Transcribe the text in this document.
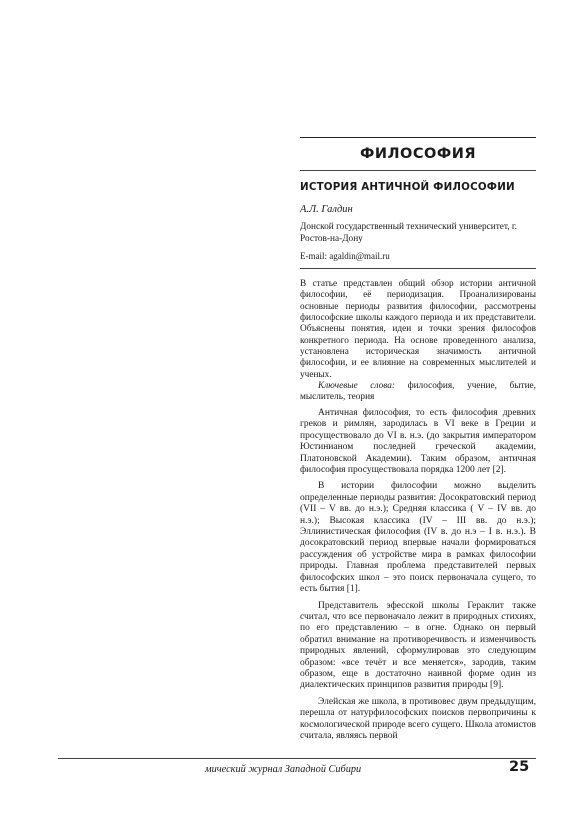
ФИЛОСОФИЯ
ИСТОРИЯ АНТИЧНОЙ ФИЛОСОФИИ
А.Л. Галдин
Донской государственный технический университет, г. Ростов-на-Дону
E-mail: agaldin@mail.ru

В статье представлен общий обзор истории античной философии, её периодизация. Проанализированы основные периоды развития философии, рассмотрены философские школы каждого периода и их представители. Объяснены понятия, идеи и точки зрения философов конкретного периода. На основе проведенного анализа, установлена историческая значимость античной философии, и ее влияние на современных мыслителей и ученых.

Ключевые слова: философия, учение, бытие, мыслитель, теория

Античная философия, то есть философия древних греков и римлян, зародилась в VI веке в Греции и просуществовало до VI в. н.э. (до закрытия императором Юстинианом последней греческой академии, Платоновской Академии). Таким образом, античная философия просуществовала порядка 1200 лет [2].

В истории философии можно выделить определенные периоды развития: Досократовский период (VII – V вв. до н.э.); Средняя классика ( V – IV вв. до н.э.); Высокая классика (IV – III вв. до н.э.); Эллинистическая философия (IV в. до н.э – I в. н.э.). В досократовский период впервые начали формироваться рассуждения об устройстве мира в рамках философии природы. Главная проблема представителей первых философских школ – это поиск первоначала сущего, то есть бытия [1].

Представитель эфесской школы Гераклит также считал, что все первоначало лежит в природных стихиях, по его представлению – в огне. Однако он первый обратил внимание на противоречивость и изменчивость природных явлений, сформулировав это следующим образом: «все течёт и все меняется», зародив, таким образом, еще в достаточно наивной форме один из диалектических принципов развития природы [9].

Элейская же школа, в противовес двум предыдущим, перешла от натурфилософских поисков первопричины к космологической природе всего сущего. Школа атомистов считала, являясь первой

мический журнал Западной Сибири	25
